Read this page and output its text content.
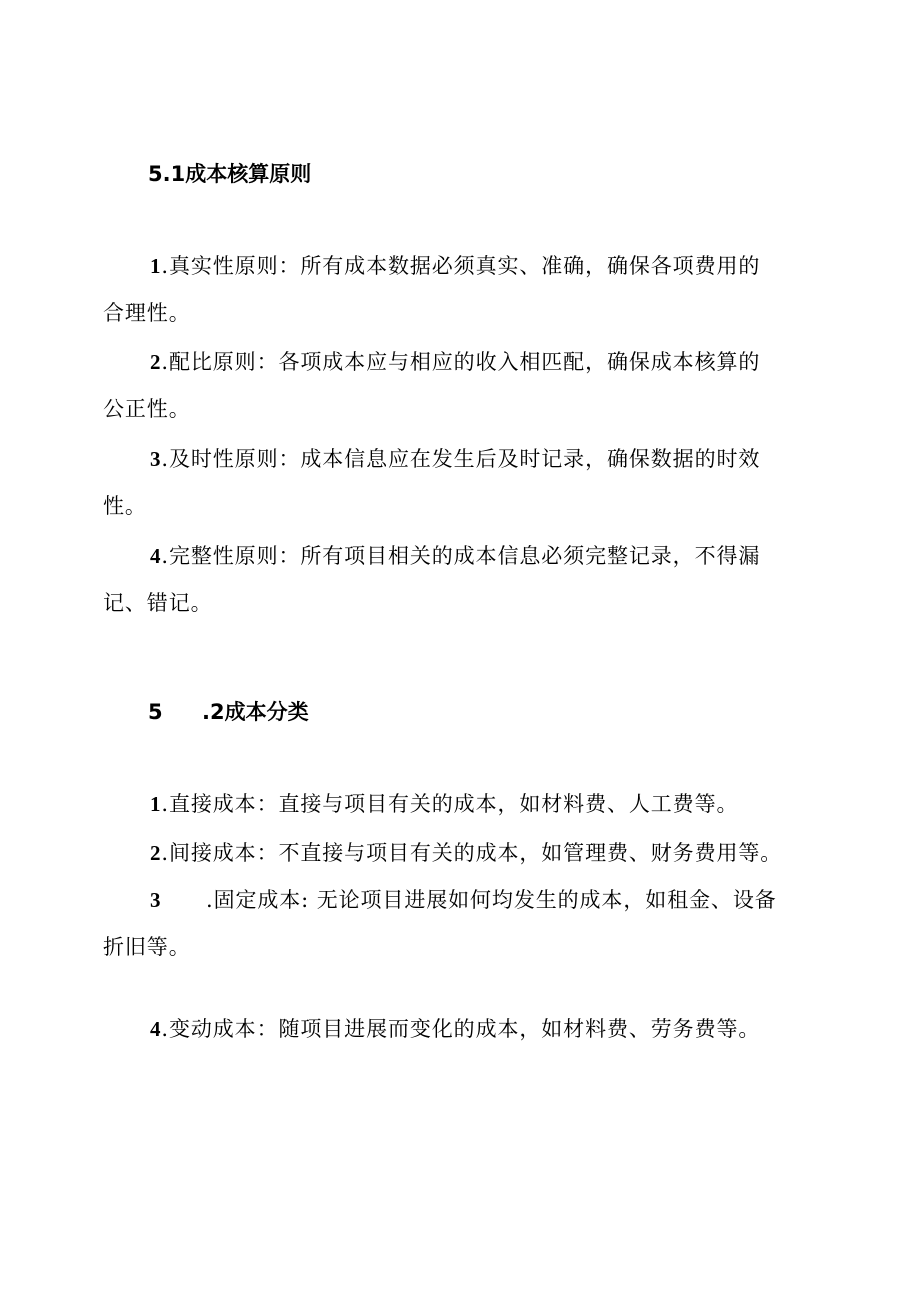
5.1成本核算原则
1.真实性原则：所有成本数据必须真实、准确，确保各项费用的
合理性。
2.配比原则：各项成本应与相应的收入相匹配，确保成本核算的
公正性。
3.及时性原则：成本信息应在发生后及时记录，确保数据的时效
性。
4.完整性原则：所有项目相关的成本信息必须完整记录，不得漏
记、错记。
5 .2成本分类
1.直接成本：直接与项目有关的成本，如材料费、人工费等。
2.间接成本：不直接与项目有关的成本，如管理费、财务费用等。
3 .固定成本: 无论项目进展如何均发生的成本，如租金、设备
折旧等。
4.变动成本：随项目进展而变化的成本，如材料费、劳务费等。
